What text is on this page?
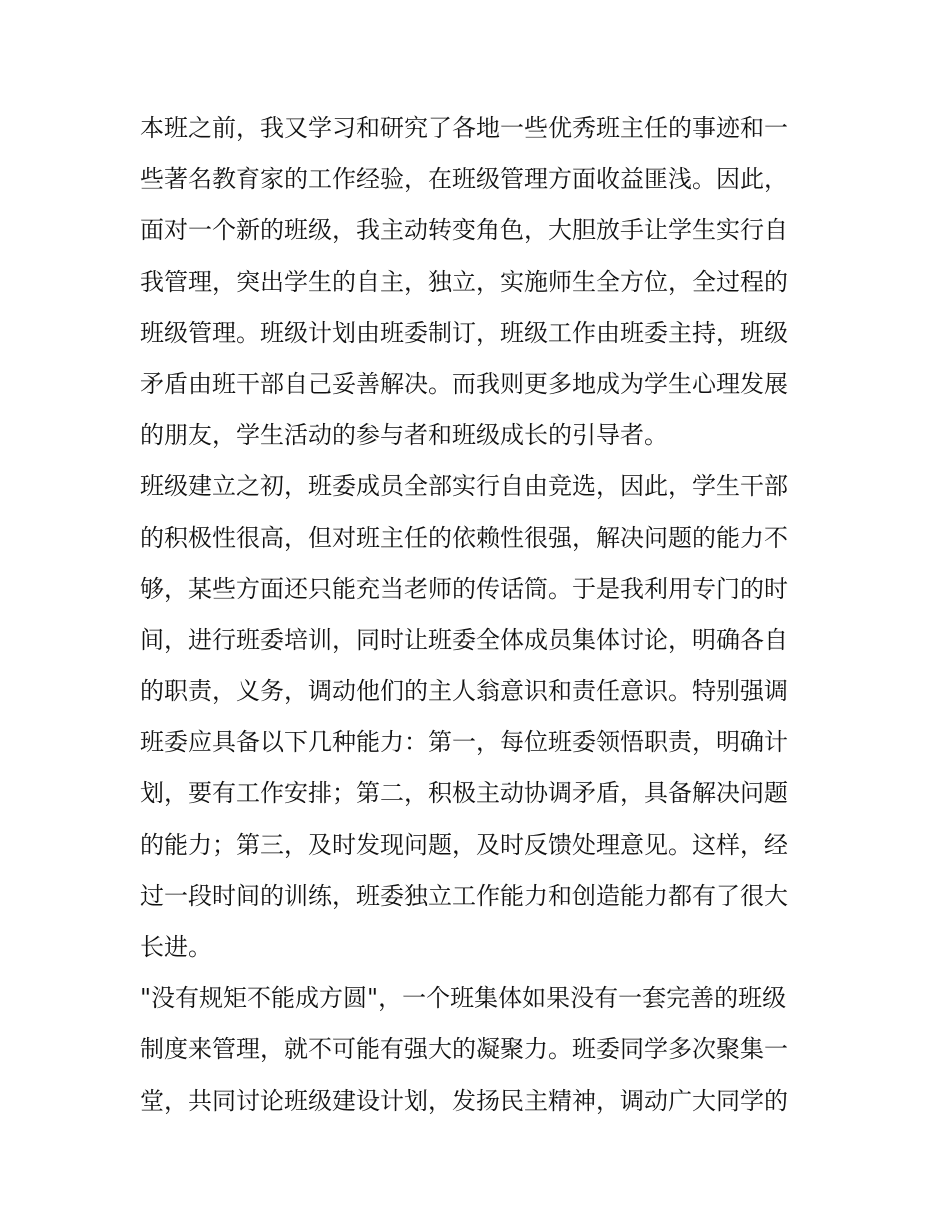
本班之前，我又学习和研究了各地一些优秀班主任的事迹和一
些著名教育家的工作经验，在班级管理方面收益匪浅。因此，
面对一个新的班级，我主动转变角色，大胆放手让学生实行自
我管理，突出学生的自主，独立，实施师生全方位，全过程的
班级管理。班级计划由班委制订，班级工作由班委主持，班级
矛盾由班干部自己妥善解决。而我则更多地成为学生心理发展
的朋友，学生活动的参与者和班级成长的引导者。
班级建立之初，班委成员全部实行自由竞选，因此，学生干部
的积极性很高，但对班主任的依赖性很强，解决问题的能力不
够，某些方面还只能充当老师的传话筒。于是我利用专门的时
间，进行班委培训，同时让班委全体成员集体讨论，明确各自
的职责，义务，调动他们的主人翁意识和责任意识。特别强调
班委应具备以下几种能力：第一，每位班委领悟职责，明确计
划，要有工作安排；第二，积极主动协调矛盾，具备解决问题
的能力；第三，及时发现问题，及时反馈处理意见。这样，经
过一段时间的训练，班委独立工作能力和创造能力都有了很大
长进。
"没有规矩不能成方圆"，一个班集体如果没有一套完善的班级
制度来管理，就不可能有强大的凝聚力。班委同学多次聚集一
堂，共同讨论班级建设计划，发扬民主精神，调动广大同学的
